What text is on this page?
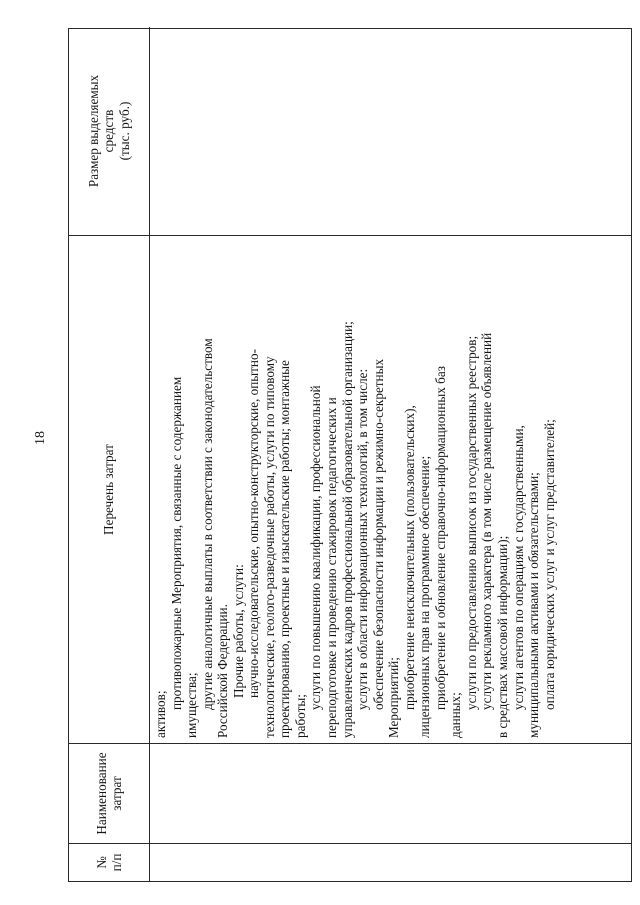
18
№ п/п
Наименование затрат
Перечень затрат
Размер выделяемых средств (тыс. руб.)
активов;
противопожарные Мероприятия, связанные с содержанием имущества; другие аналогичные выплаты в соответствии с законодательством Российской Федерации. Прочие работы, услуги: научно-исследовательские, опытно-конструкторские, опытно- технологические, геолого-разведочные работы, услуги по типовому проектированию, проектные и изыскательские работы; монтажные работы;
услуги по повышению квалификации, профессиональной переподготовке и проведению стажировок педагогических и управленческих кадров профессиональной образовательной организации; услуги в области информационных технологий, в том числе: обеспечение безопасности информации и режимно-секретных Мероприятий; приобретение неисключительных (пользовательских), лицензионных прав на программное обеспечение; приобретение и обновление справочно-информационных баз
данных;
услуги по предоставлению выписок из государственных реестров; услуги рекламного характера (в том числе размещение объявлений в средствах массовой информации); услуги агентов по операциям с государственными, муниципальными активами и обязательствами; оплата юридических услуг и услуг представителей;
